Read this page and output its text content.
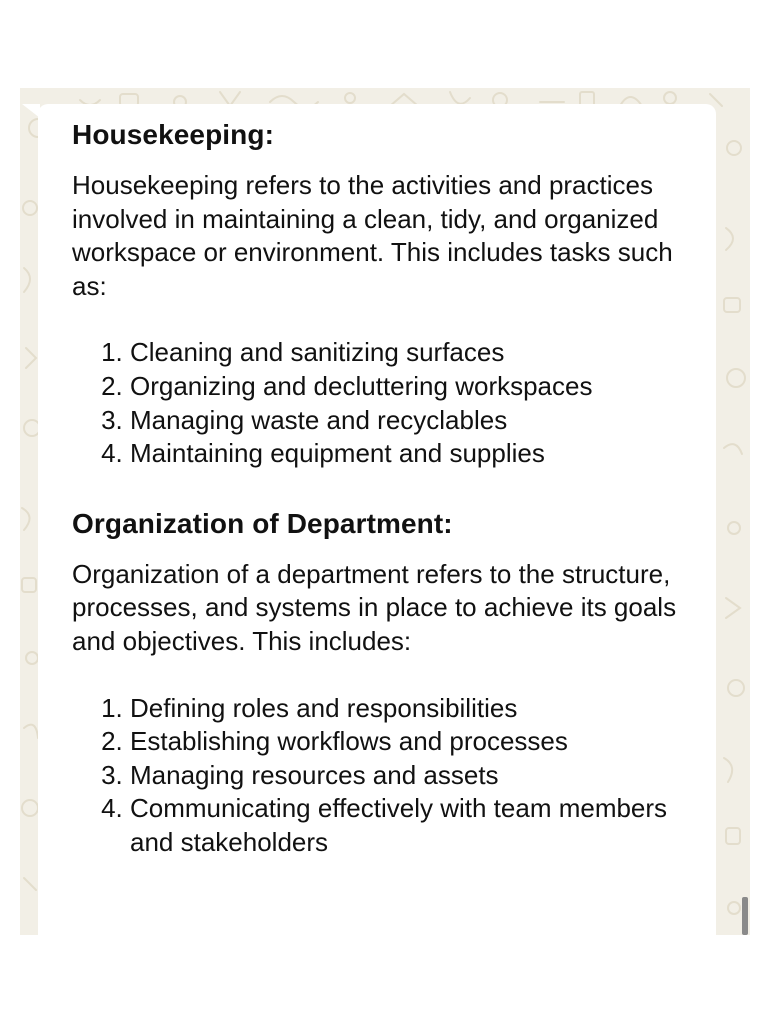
Housekeeping:

Housekeeping refers to the activities and practices involved in maintaining a clean, tidy, and organized workspace or environment. This includes tasks such as:

1. Cleaning and sanitizing surfaces
2. Organizing and decluttering workspaces
3. Managing waste and recyclables
4. Maintaining equipment and supplies
Organization of Department:

Organization of a department refers to the structure, processes, and systems in place to achieve its goals and objectives. This includes:

1. Defining roles and responsibilities
2. Establishing workflows and processes
3. Managing resources and assets
4. Communicating effectively with team members and stakeholders
